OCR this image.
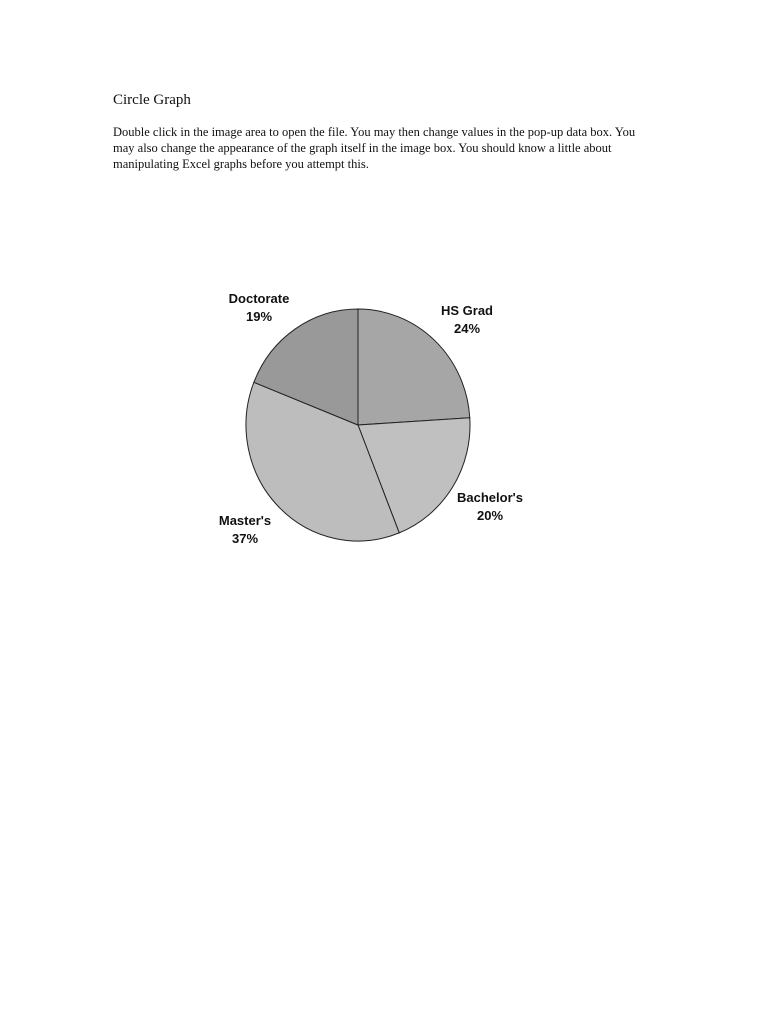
Circle Graph
Double click in the image area to open the file. You may then change values in the pop-up data box. You
may also change the appearance of the graph itself in the image box. You should know a little about
manipulating Excel graphs before you attempt this.
HS Grad
24%
Bachelor's
20%
Master's
37%
Doctorate
19%
